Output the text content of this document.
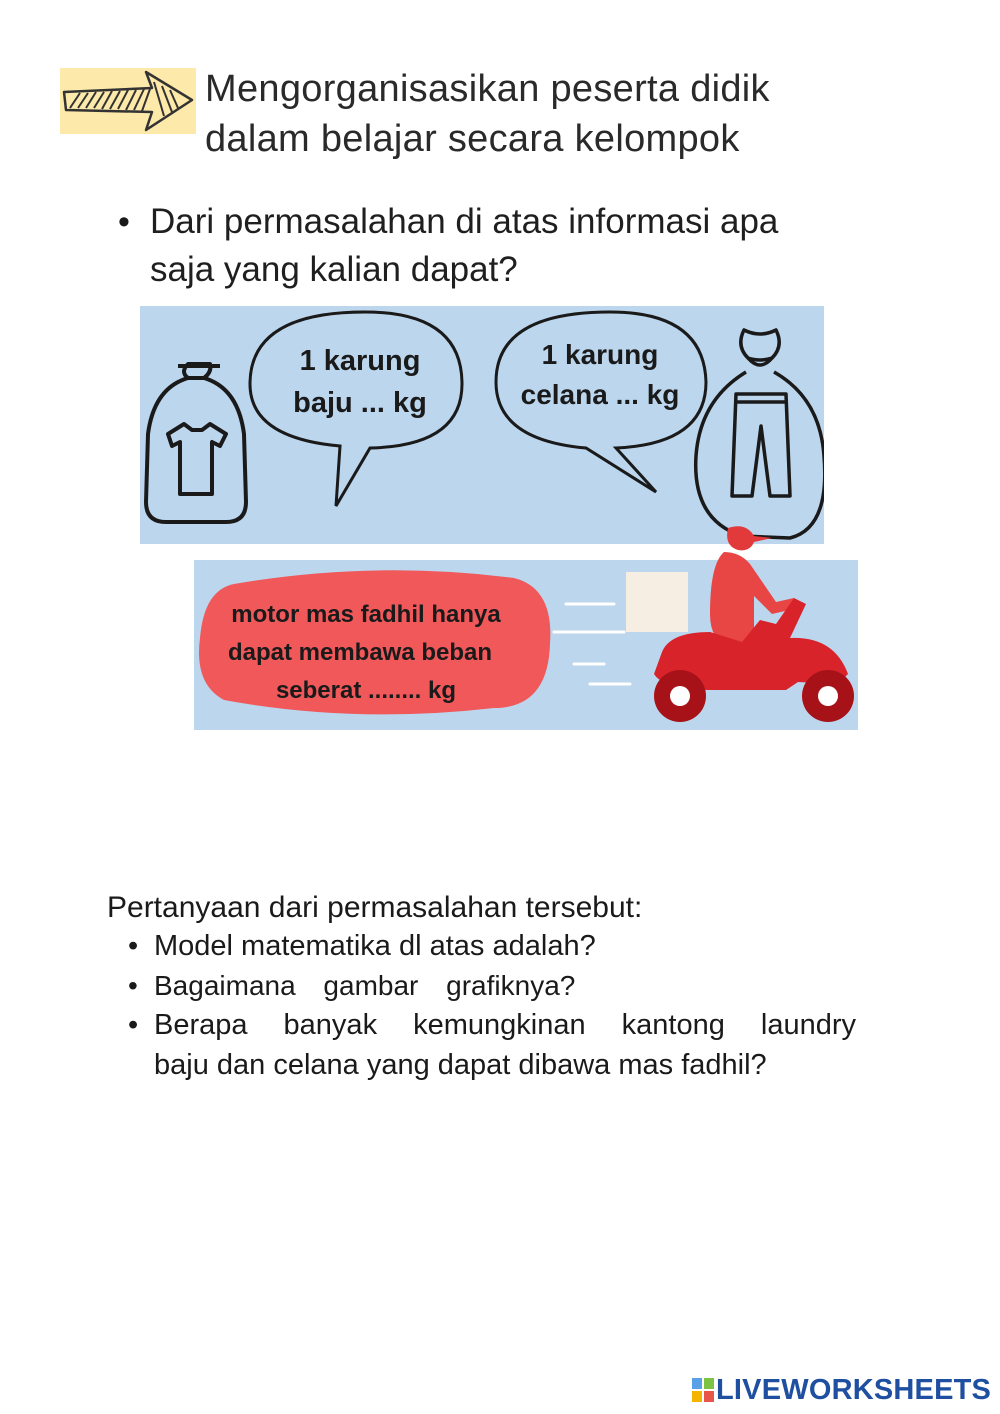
Mengorganisasikan peserta didik
dalam belajar secara kelompok
• Dari permasalahan di atas informasi apa
saja yang kalian dapat?
1 karung
baju ... kg
1 karung
celana ... kg
motor mas fadhil hanya
dapat membawa beban
seberat ........ kg
Pertanyaan dari permasalahan tersebut:
• Model matematika dl atas adalah?
• Bagaimana gambar grafiknya?
• Berapa banyak kemungkinan kantong laundry
baju dan celana yang dapat dibawa mas fadhil?
LIVEWORKSHEETS
